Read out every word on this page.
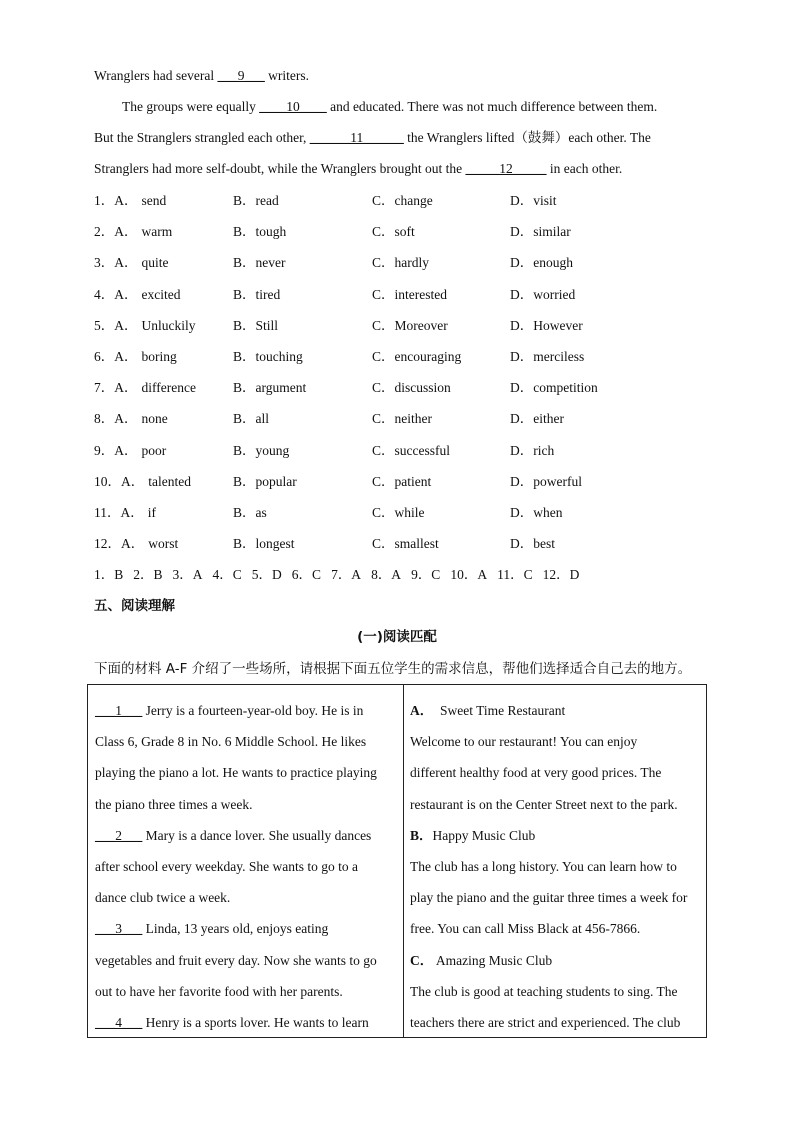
Wranglers had several ___9___ writers.
The groups were equally ____10____ and educated. There was not much difference between them.
But the Stranglers strangled each other, ______11______ the Wranglers lifted（鼓舞）each other. The
Stranglers had more self-doubt, while the Wranglers brought out the _____12_____ in each other.
1．A． send	B．read	C．change	D．visit
2．A． warm	B．tough	C．soft	D．similar
3．A． quite	B．never	C．hardly	D．enough
4．A． excited	B．tired	C．interested	D．worried
5．A． Unluckily	B．Still	C．Moreover	D．However
6．A． boring	B．touching	C．encouraging	D．merciless
7．A． difference	B．argument	C．discussion	D．competition
8．A． none	B．all	C．neither	D．either
9．A． poor	B．young	C．successful	D．rich
10．A． talented	B．popular	C．patient	D．powerful
11．A． if	B．as	C．while	D．when
12．A． worst	B．longest	C．smallest	D．best
1．B 2．B 3．A 4．C 5．D 6．C 7．A 8．A 9．C 10．A 11．C 12．D
五、阅读理解
(一)阅读匹配
下面的材料 A-F 介绍了一些场所，请根据下面五位学生的需求信息，帮他们选择适合自己去的地方。

___1___ Jerry is a fourteen-year-old boy. He is in

Class 6, Grade 8 in No. 6 Middle School. He likes

playing the piano a lot. He wants to practice playing

the piano three times a week.

___2___ Mary is a dance lover. She usually dances

after school every weekday. She wants to go to a

dance club twice a week.

___3___ Linda, 13 years old, enjoys eating

vegetables and fruit every day. Now she wants to go

out to have her favorite food with her parents.

___4___ Henry is a sports lover. He wants to learn

A．  Sweet Time Restaurant

Welcome to our restaurant! You can enjoy

different healthy food at very good prices. The

restaurant is on the Center Street next to the park.

B．Happy Music Club

The club has a long history. You can learn how to

play the piano and the guitar three times a week for

free. You can call Miss Black at 456-7866.

C． Amazing Music Club

The club is good at teaching students to sing. The

teachers there are strict and experienced. The club
